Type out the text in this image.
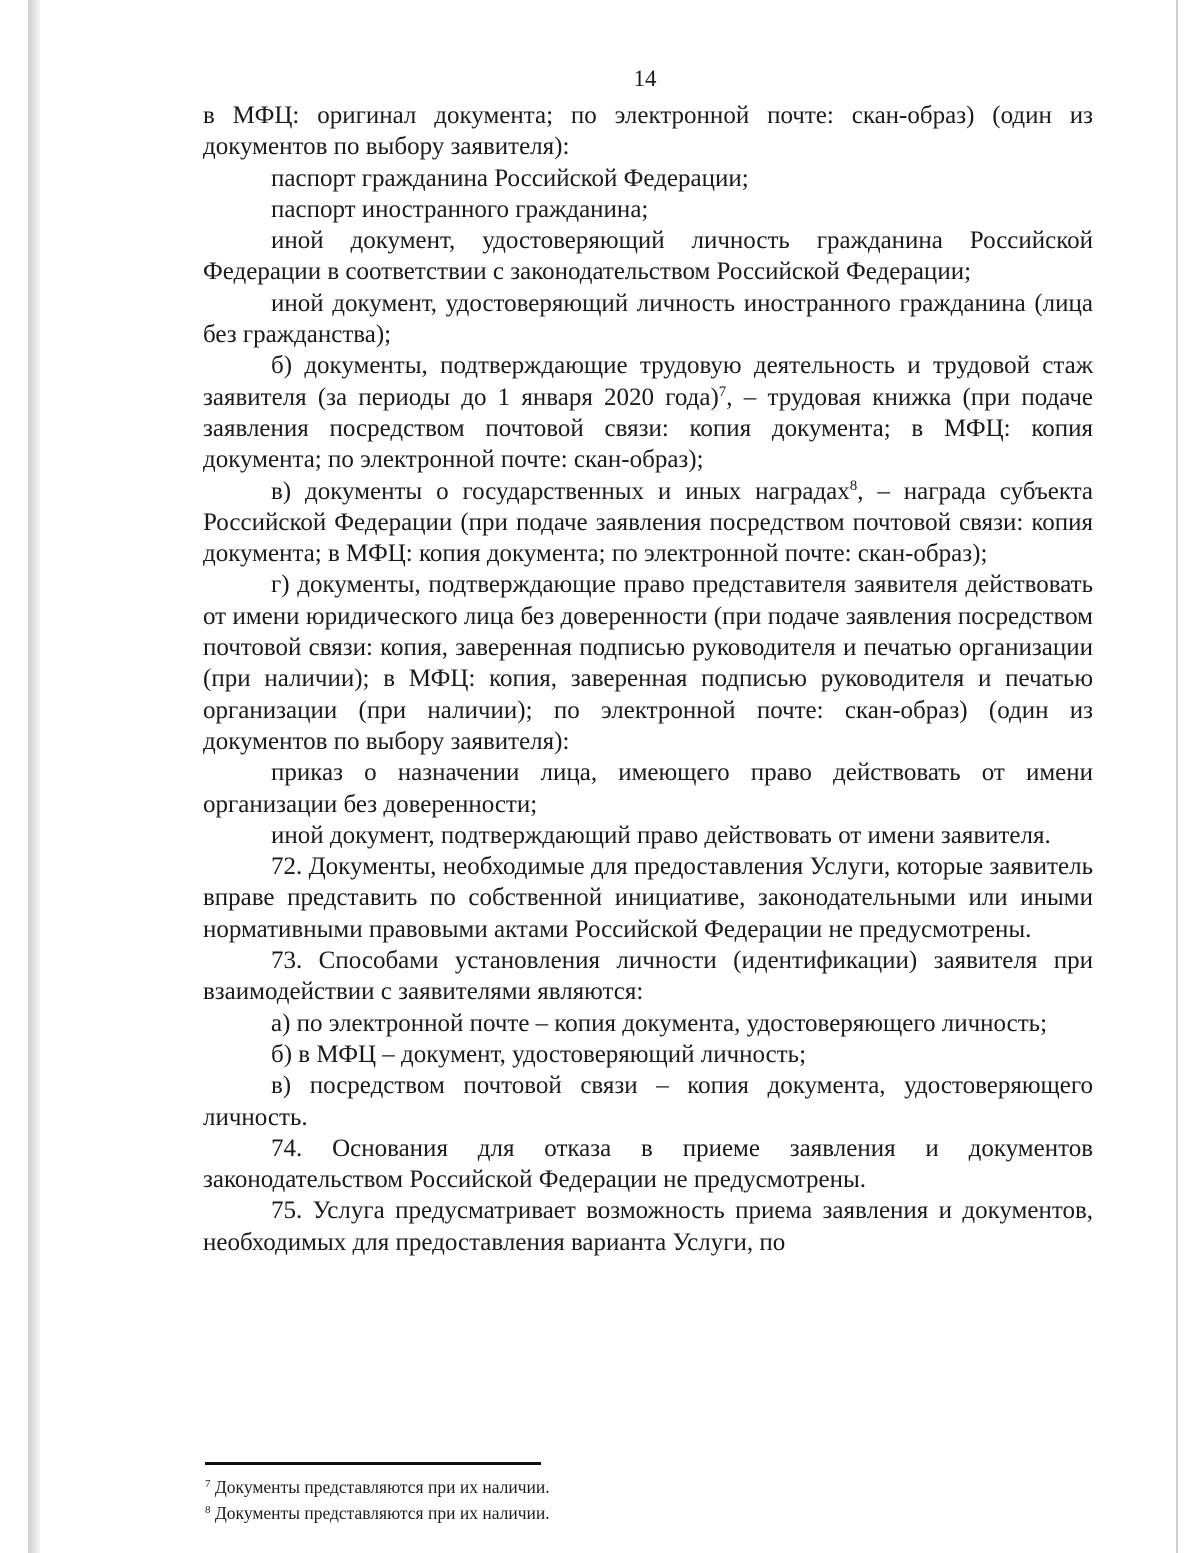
14

в МФЦ: оригинал документа; по электронной почте: скан-образ) (один из документов по выбору заявителя):

паспорт гражданина Российской Федерации;

паспорт иностранного гражданина;

иной документ, удостоверяющий личность гражданина Российской Федерации в соответствии с законодательством Российской Федерации;

иной документ, удостоверяющий личность иностранного гражданина (лица без гражданства);

б) документы, подтверждающие трудовую деятельность и трудовой стаж заявителя (за периоды до 1 января 2020 года)$^7$, – трудовая книжка (при подаче заявления посредством почтовой связи: копия документа; в МФЦ: копия документа; по электронной почте: скан-образ);

в) документы о государственных и иных наградах$^8$, – награда субъекта Российской Федерации (при подаче заявления посредством почтовой связи: копия документа; в МФЦ: копия документа; по электронной почте: скан-образ);

г) документы, подтверждающие право представителя заявителя действовать от имени юридического лица без доверенности (при подаче заявления посредством почтовой связи: копия, заверенная подписью руководителя и печатью организации (при наличии); в МФЦ: копия, заверенная подписью руководителя и печатью организации (при наличии); по электронной почте: скан-образ) (один из документов по выбору заявителя):

приказ о назначении лица, имеющего право действовать от имени организации без доверенности;

иной документ, подтверждающий право действовать от имени заявителя.

72. Документы, необходимые для предоставления Услуги, которые заявитель вправе представить по собственной инициативе, законодательными или иными нормативными правовыми актами Российской Федерации не предусмотрены.

73. Способами установления личности (идентификации) заявителя при взаимодействии с заявителями являются:

а) по электронной почте – копия документа, удостоверяющего личность;

б) в МФЦ – документ, удостоверяющий личность;

в) посредством почтовой связи – копия документа, удостоверяющего личность.

74. Основания для отказа в приеме заявления и документов законодательством Российской Федерации не предусмотрены.

75. Услуга предусматривает возможность приема заявления и документов, необходимых для предоставления варианта Услуги, по

$^7$ Документы представляются при их наличии.

$^8$ Документы представляются при их наличии.
